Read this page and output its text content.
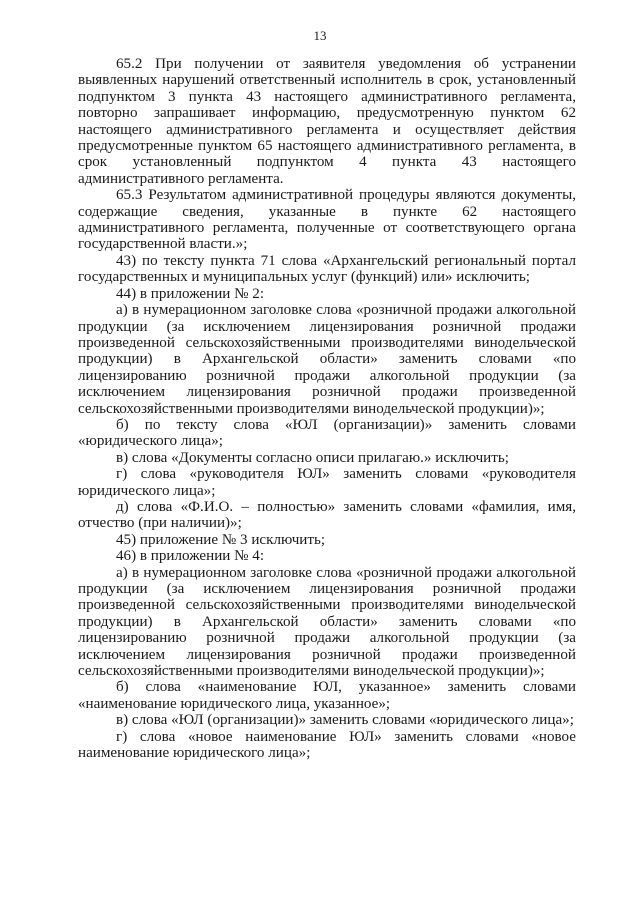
13

65.2 При получении от заявителя уведомления об устранении выявленных нарушений ответственный исполнитель в срок, установленный подпунктом 3 пункта 43 настоящего административного регламента, повторно запрашивает информацию, предусмотренную пунктом 62 настоящего административного регламента и осуществляет действия предусмотренные пунктом 65 настоящего административного регламента, в срок установленный подпунктом 4 пункта 43 настоящего административного регламента.

65.3 Результатом административной процедуры являются документы, содержащие сведения, указанные в пункте 62 настоящего административного регламента, полученные от соответствующего органа государственной власти.»;

43) по тексту пункта 71 слова «Архангельский региональный портал государственных и муниципальных услуг (функций) или» исключить;

44) в приложении № 2:

а) в нумерационном заголовке слова «розничной продажи алкогольной продукции (за исключением лицензирования розничной продажи произведенной сельскохозяйственными производителями винодельческой продукции) в Архангельской области» заменить словами «по лицензированию розничной продажи алкогольной продукции (за исключением лицензирования розничной продажи произведенной сельскохозяйственными производителями винодельческой продукции)»;

б) по тексту слова «ЮЛ (организации)» заменить словами «юридического лица»;

в) слова «Документы согласно описи прилагаю.» исключить;

г) слова «руководителя ЮЛ» заменить словами «руководителя юридического лица»;

д) слова «Ф.И.О. – полностью» заменить словами «фамилия, имя, отчество (при наличии)»;

45) приложение № 3 исключить;

46) в приложении № 4:

а) в нумерационном заголовке слова «розничной продажи алкогольной продукции (за исключением лицензирования розничной продажи произведенной сельскохозяйственными производителями винодельческой продукции) в Архангельской области» заменить словами «по лицензированию розничной продажи алкогольной продукции (за исключением лицензирования розничной продажи произведенной сельскохозяйственными производителями винодельческой продукции)»;

б) слова «наименование ЮЛ, указанное» заменить словами «наименование юридического лица, указанное»;

в) слова «ЮЛ (организации)» заменить словами «юридического лица»;

г) слова «новое наименование ЮЛ» заменить словами «новое наименование юридического лица»;
